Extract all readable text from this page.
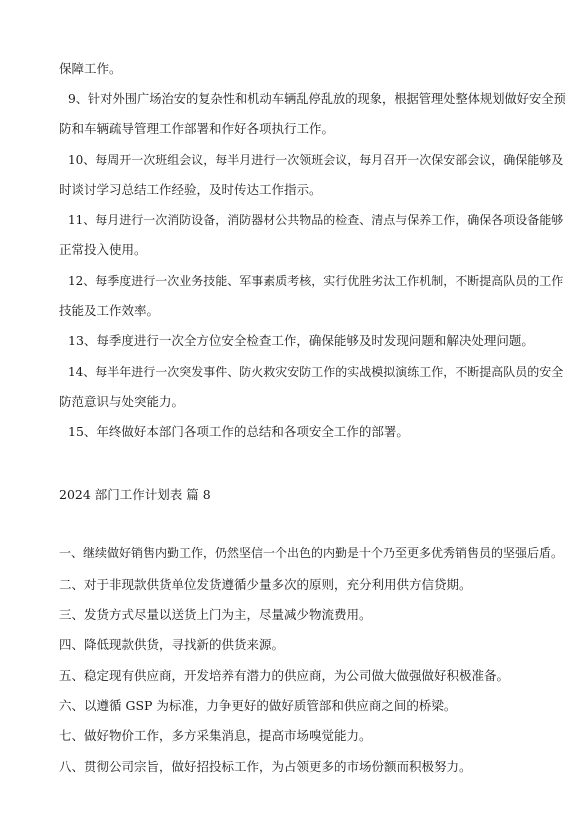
保障工作。

9、针对外围广场治安的复杂性和机动车辆乱停乱放的现象，根据管理处整体规划做好安全预

防和车辆疏导管理工作部署和作好各项执行工作。

10、每周开一次班组会议，每半月进行一次领班会议，每月召开一次保安部会议，确保能够及

时谈讨学习总结工作经验，及时传达工作指示。

11、每月进行一次消防设备，消防器材公共物品的检查、清点与保养工作，确保各项设备能够

正常投入使用。

12、每季度进行一次业务技能、军事素质考核，实行优胜劣汰工作机制，不断提高队员的工作

技能及工作效率。

13、每季度进行一次全方位安全检查工作，确保能够及时发现问题和解决处理问题。

14、每半年进行一次突发事件、防火救灾安防工作的实战模拟演练工作，不断提高队员的安全

防范意识与处突能力。

15、年终做好本部门各项工作的总结和各项安全工作的部署。

2024 部门工作计划表 篇 8

一、继续做好销售内勤工作，仍然坚信一个出色的内勤是十个乃至更多优秀销售员的坚强后盾。

二、对于非现款供货单位发货遵循少量多次的原则，充分利用供方信贷期。

三、发货方式尽量以送货上门为主，尽量减少物流费用。

四、降低现款供货，寻找新的供货来源。

五、稳定现有供应商，开发培养有潜力的供应商，为公司做大做强做好积极准备。

六、以遵循 GSP 为标准，力争更好的做好质管部和供应商之间的桥梁。

七、做好物价工作，多方采集消息，提高市场嗅觉能力。

八、贯彻公司宗旨，做好招投标工作，为占领更多的市场份额而积极努力。
